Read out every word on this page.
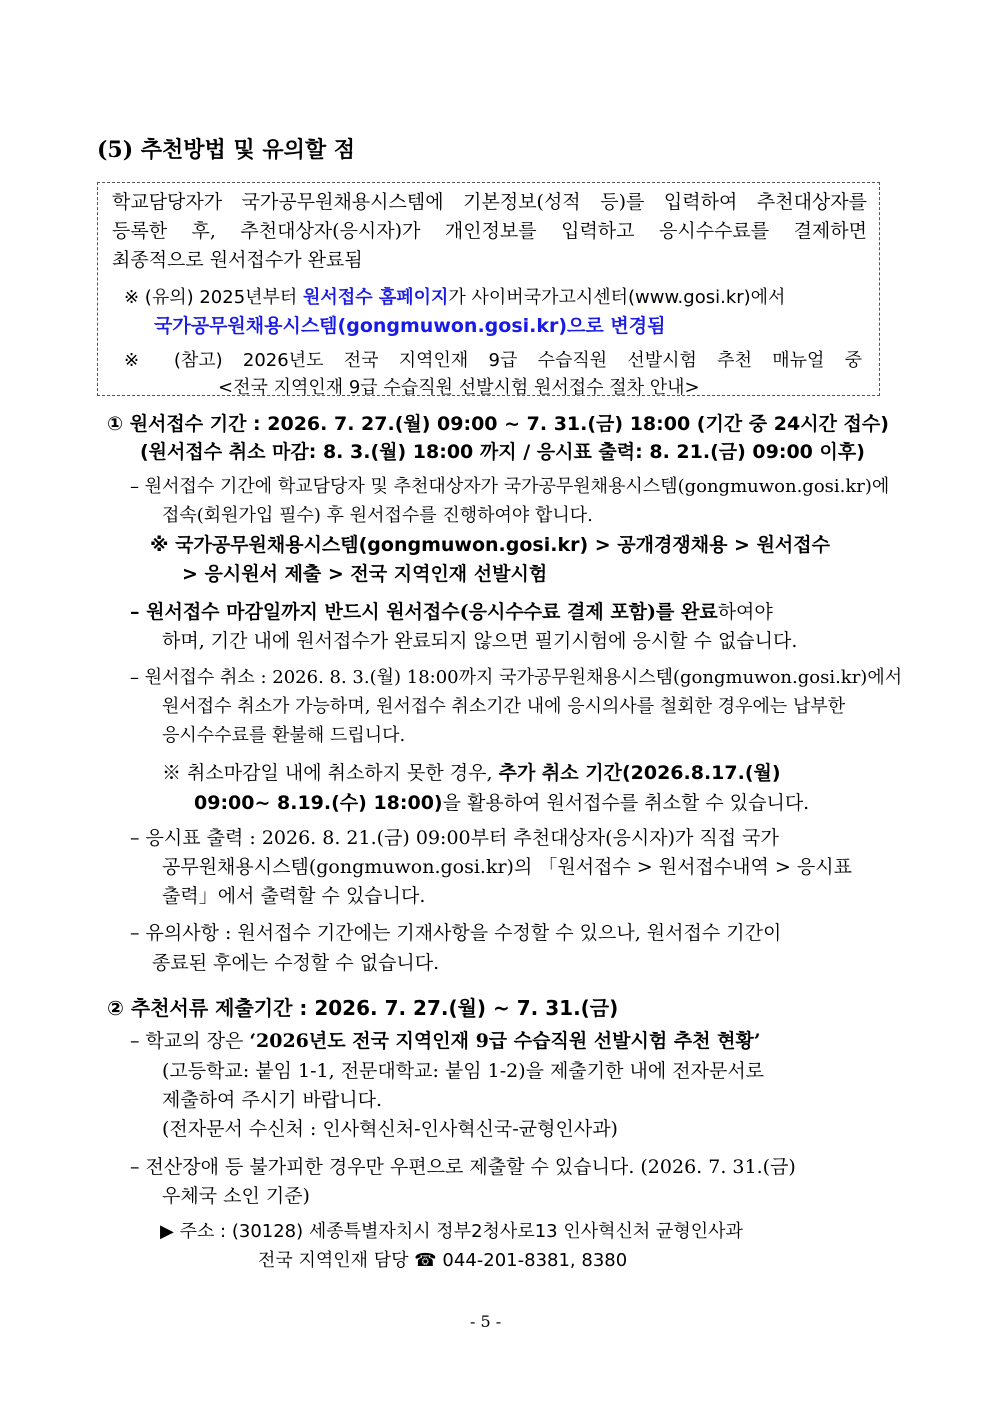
(5) 추천방법 및 유의할 점
학교담당자가 국가공무원채용시스템에 기본정보(성적 등)를 입력하여 추천대상자를
등록한 후, 추천대상자(응시자)가 개인정보를 입력하고 응시수수료를 결제하면
최종적으로 원서접수가 완료됨
※ (유의) 2025년부터 원서접수 홈페이지가 사이버국가고시센터(www.gosi.kr)에서
국가공무원채용시스템(gongmuwon.gosi.kr)으로 변경됨
※ (참고) 2026년도 전국 지역인재 9급 수습직원 선발시험 추천 매뉴얼 중
<전국 지역인재 9급 수습직원 선발시험 원서접수 절차 안내>
① 원서접수 기간 : 2026. 7. 27.(월) 09:00 ~ 7. 31.(금) 18:00 (기간 중 24시간 접수)
(원서접수 취소 마감: 8. 3.(월) 18:00 까지 / 응시표 출력: 8. 21.(금) 09:00 이후)
– 원서접수 기간에 학교담당자 및 추천대상자가 국가공무원채용시스템(gongmuwon.gosi.kr)에
접속(회원가입 필수) 후 원서접수를 진행하여야 합니다.
※ 국가공무원채용시스템(gongmuwon.gosi.kr) > 공개경쟁채용 > 원서접수
> 응시원서 제출 > 전국 지역인재 선발시험
– 원서접수 마감일까지 반드시 원서접수(응시수수료 결제 포함)를 완료하여야
하며, 기간 내에 원서접수가 완료되지 않으면 필기시험에 응시할 수 없습니다.
– 원서접수 취소 : 2026. 8. 3.(월) 18:00까지 국가공무원채용시스템(gongmuwon.gosi.kr)에서
원서접수 취소가 가능하며, 원서접수 취소기간 내에 응시의사를 철회한 경우에는 납부한
응시수수료를 환불해 드립니다.
※ 취소마감일 내에 취소하지 못한 경우, 추가 취소 기간(2026.8.17.(월)
09:00~ 8.19.(수) 18:00)을 활용하여 원서접수를 취소할 수 있습니다.
– 응시표 출력 : 2026. 8. 21.(금) 09:00부터 추천대상자(응시자)가 직접 국가
공무원채용시스템(gongmuwon.gosi.kr)의 「원서접수 > 원서접수내역 > 응시표
출력」에서 출력할 수 있습니다.
– 유의사항 : 원서접수 기간에는 기재사항을 수정할 수 있으나, 원서접수 기간이
종료된 후에는 수정할 수 없습니다.
② 추천서류 제출기간 : 2026. 7. 27.(월) ~ 7. 31.(금)
– 학교의 장은 ‘2026년도 전국 지역인재 9급 수습직원 선발시험 추천 현황’
(고등학교: 붙임 1-1, 전문대학교: 붙임 1-2)을 제출기한 내에 전자문서로
제출하여 주시기 바랍니다.
(전자문서 수신처 : 인사혁신처-인사혁신국-균형인사과)
– 전산장애 등 불가피한 경우만 우편으로 제출할 수 있습니다. (2026. 7. 31.(금)
우체국 소인 기준)
▶ 주소 : (30128) 세종특별자치시 정부2청사로13 인사혁신처 균형인사과
전국 지역인재 담당 ☎ 044-201-8381, 8380
- 5 -
